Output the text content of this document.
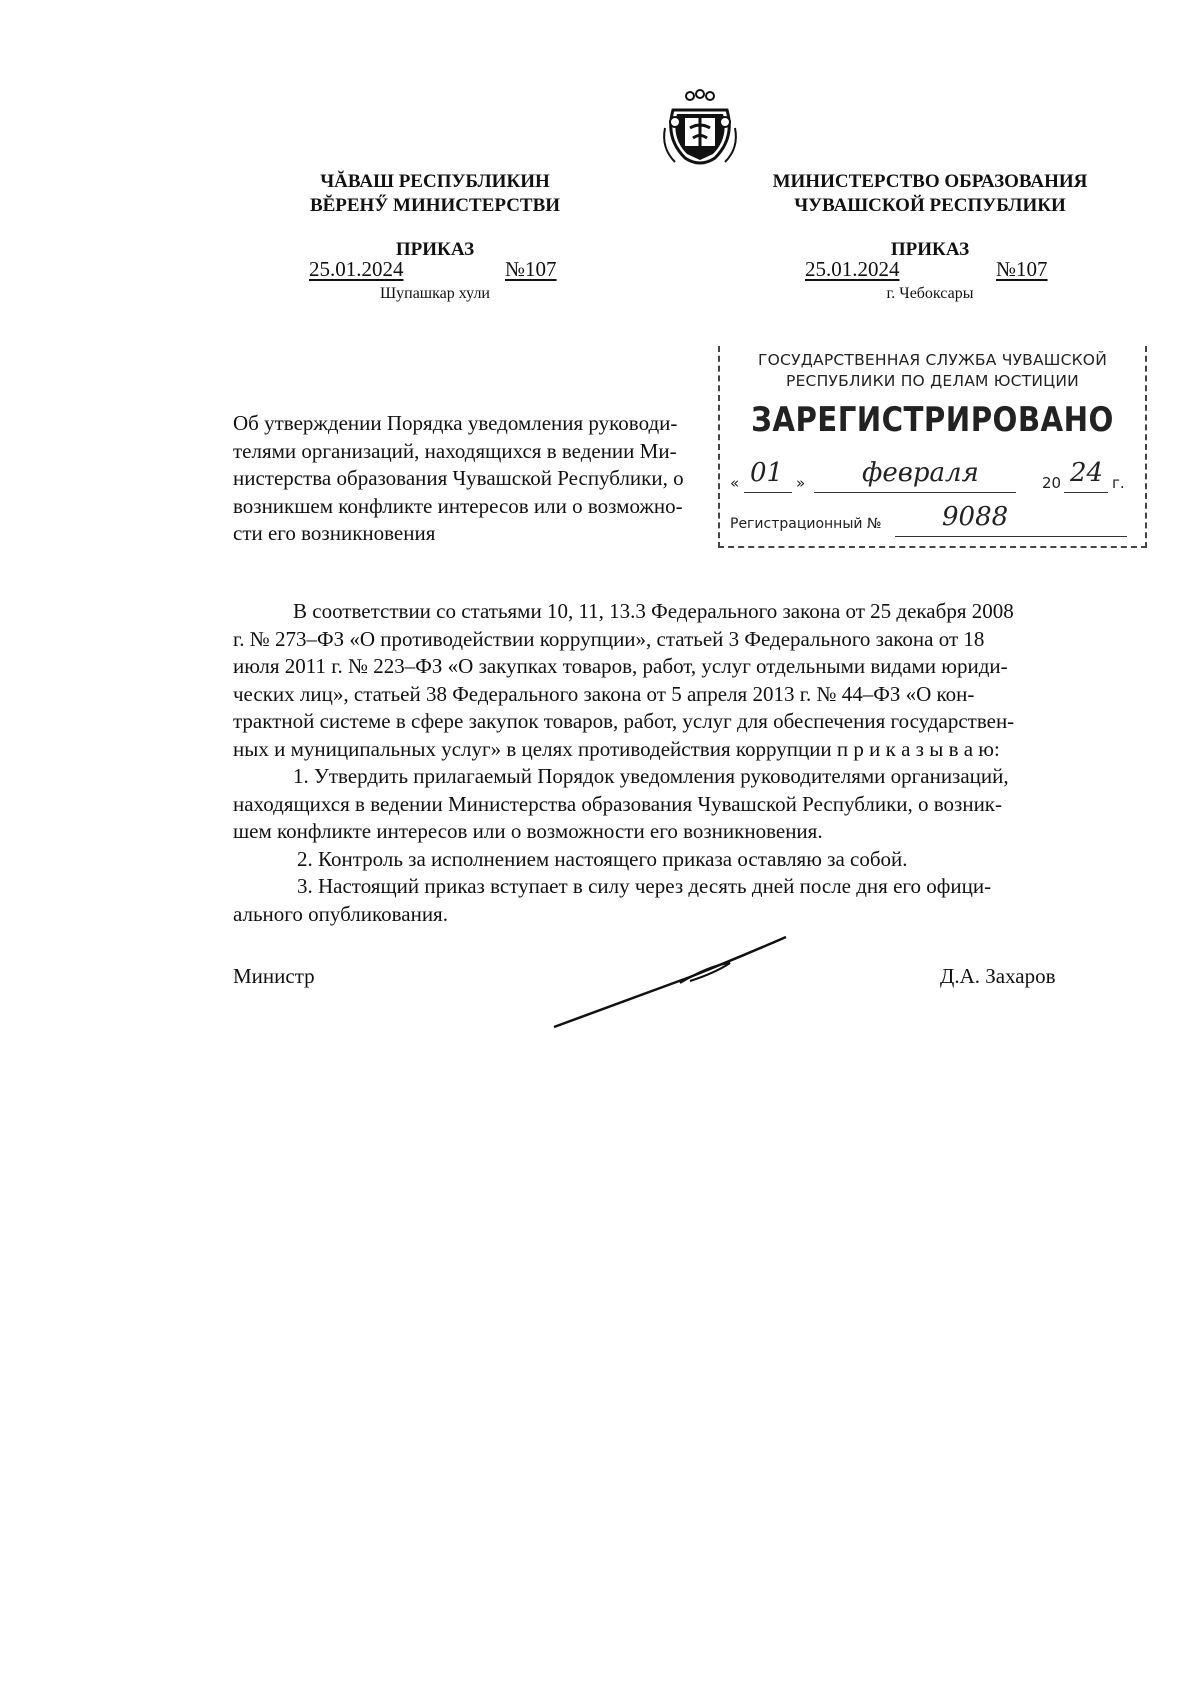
ЧĂВАШ РЕСПУБЛИКИН
ВĔРЕНӲ МИНИСТЕРСТВИ
ПРИКАЗ
25.01.2024	№107
Шупашкар хули
МИНИСТЕРСТВО ОБРАЗОВАНИЯ
ЧУВАШСКОЙ РЕСПУБЛИКИ
ПРИКАЗ
25.01.2024	№107
г. Чебоксары
Об утверждении Порядка уведомления руководи-
телями организаций, находящихся в ведении Ми-
нистерства образования Чувашской Республики, о
возникшем конфликте интересов или о возможно-
сти его возникновения
ГОСУДАРСТВЕННАЯ СЛУЖБА ЧУВАШСКОЙ
РЕСПУБЛИКИ ПО ДЕЛАМ ЮСТИЦИИ
ЗАРЕГИСТРИРОВАНО
« 01 » февраля	20 24 г.
Регистрационный № 9088
В соответствии со статьями 10, 11, 13.3 Федерального закона от 25 декабря 2008
г. № 273–ФЗ «О противодействии коррупции», статьей 3 Федерального закона от 18
июля 2011 г. № 223–ФЗ «О закупках товаров, работ, услуг отдельными видами юриди-
ческих лиц», статьей 38 Федерального закона от 5 апреля 2013 г. № 44–ФЗ «О кон-
трактной системе в сфере закупок товаров, работ, услуг для обеспечения государствен-
ных и муниципальных услуг» в целях противодействия коррупции п р и к а з ы в а ю:
1. Утвердить прилагаемый Порядок уведомления руководителями организаций,
находящихся в ведении Министерства образования Чувашской Республики, о возник-
шем конфликте интересов или о возможности его возникновения.
2. Контроль за исполнением настоящего приказа оставляю за собой.
3. Настоящий приказ вступает в силу через десять дней после дня его офици-
ального опубликования.
Министр	Д.А. Захаров
